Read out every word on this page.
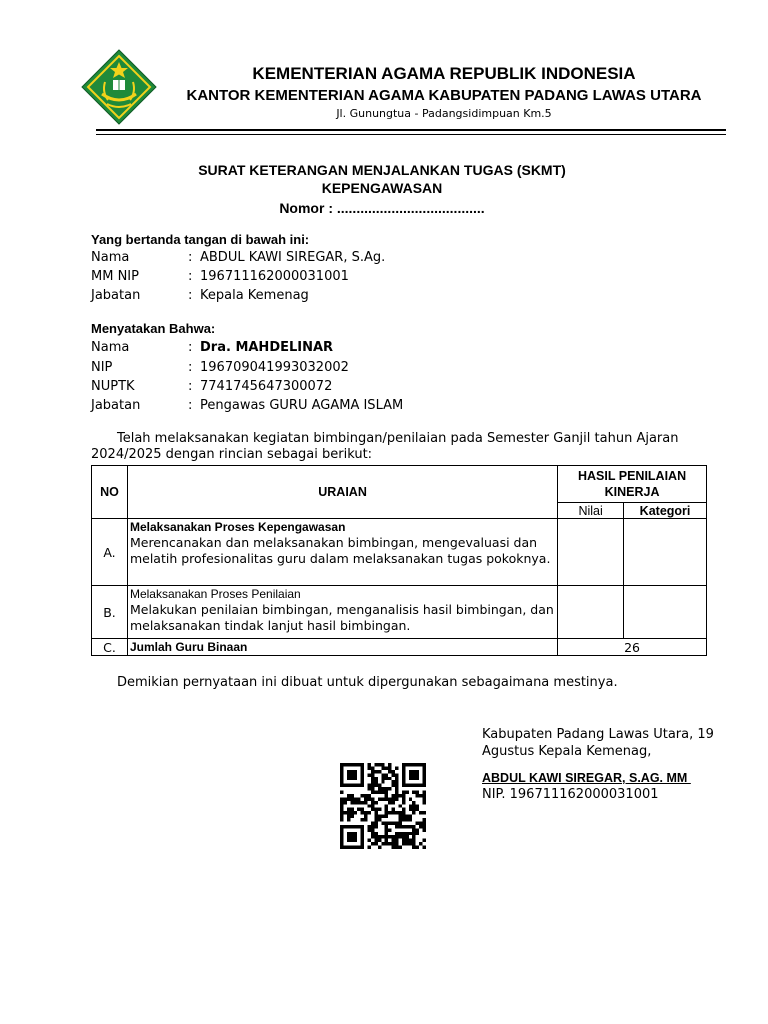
KEMENTERIAN AGAMA REPUBLIK INDONESIA
KANTOR KEMENTERIAN AGAMA KABUPATEN PADANG LAWAS UTARA
Jl. Gunungtua - Padangsidimpuan Km.5
SURAT KETERANGAN MENJALANKAN TUGAS (SKMT)
KEPENGAWASAN
Nomor : ......................................
Yang bertanda tangan di bawah ini:
Nama	: ABDUL KAWI SIREGAR, S.Ag.
MM NIP	: 196711162000031001
Jabatan	: Kepala Kemenag
Menyatakan Bahwa:
Nama	: Dra. MAHDELINAR
NIP	: 196709041993032002
NUPTK	: 7741745647300072
Jabatan	: Pengawas GURU AGAMA ISLAM
Telah melaksanakan kegiatan bimbingan/penilaian pada Semester Ganjil tahun Ajaran 2024/2025 dengan rincian sebagai berikut:
NO	URAIAN	HASIL PENILAIAN KINERJA	
		Nilai	Kategori
A.	Melaksanakan Proses Kepengawasan
Merencanakan dan melaksanakan bimbingan, mengevaluasi dan melatih profesionalitas guru dalam melaksanakan tugas pokoknya.		

B.	Melaksanakan Proses Penilaian
Melakukan penilaian bimbingan, menganalisis hasil bimbingan, dan melaksanakan tindak lanjut hasil bimbingan.		

C.	Jumlah Guru Binaan	26	
Demikian pernyataan ini dibuat untuk dipergunakan sebagaimana mestinya.
Kabupaten Padang Lawas Utara, 19 Agustus Kepala Kemenag,
ABDUL KAWI SIREGAR, S.AG. MM
NIP. 196711162000031001
